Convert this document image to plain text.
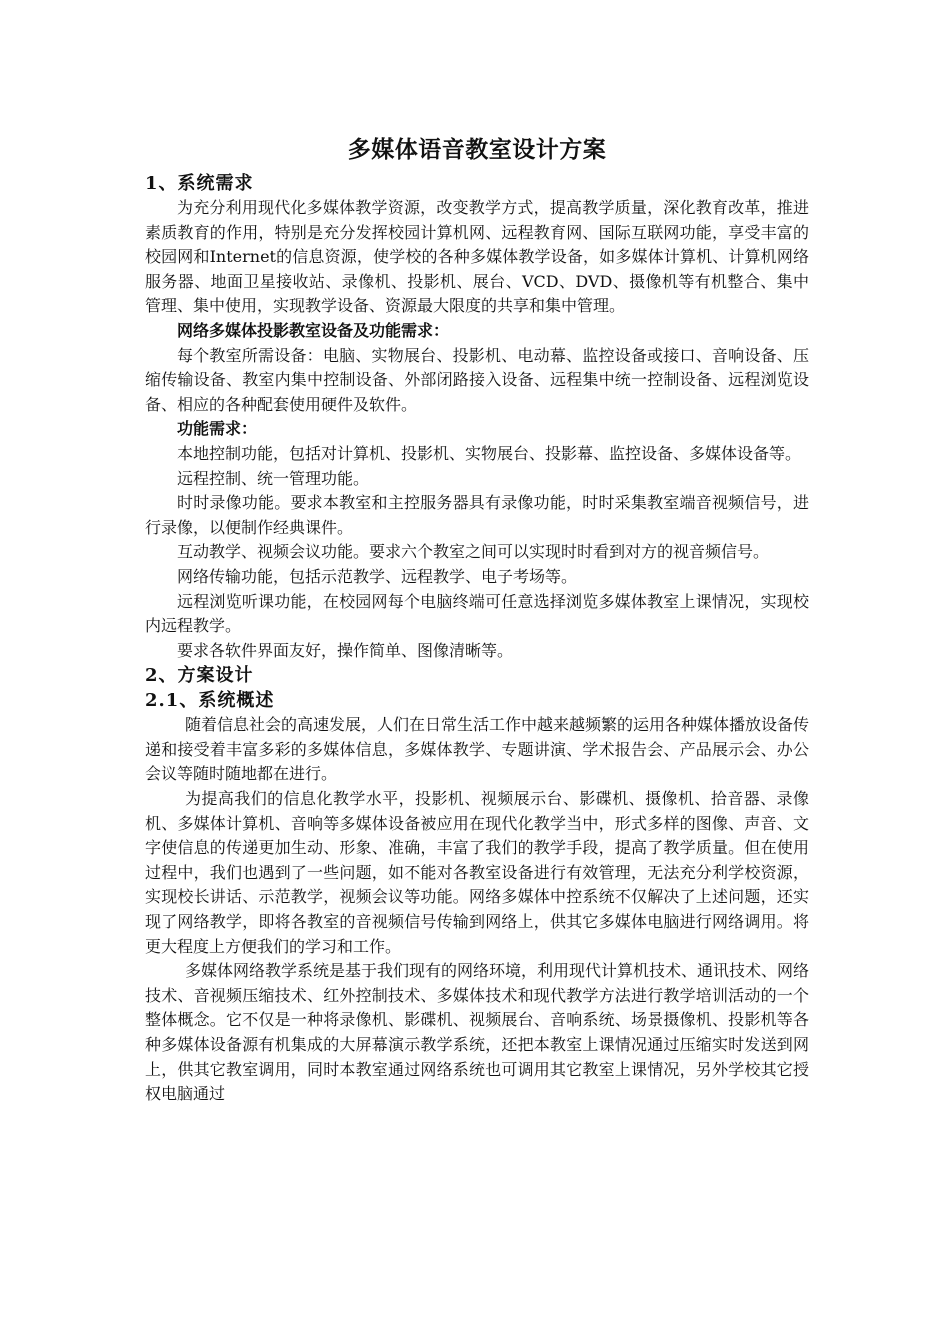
多媒体语音教室设计方案
1、系统需求

为充分利用现代化多媒体教学资源，改变教学方式，提高教学质量，深化教育改革，推进素质教育的作用，特别是充分发挥校园计算机网、远程教育网、国际互联网功能，享受丰富的校园网和Internet的信息资源，使学校的各种多媒体教学设备，如多媒体计算机、计算机网络服务器、地面卫星接收站、录像机、投影机、展台、VCD、DVD、摄像机等有机整合、集中管理、集中使用，实现教学设备、资源最大限度的共享和集中管理。

网络多媒体投影教室设备及功能需求：

每个教室所需设备：电脑、实物展台、投影机、电动幕、监控设备或接口、音响设备、压缩传输设备、教室内集中控制设备、外部闭路接入设备、远程集中统一控制设备、远程浏览设备、相应的各种配套使用硬件及软件。

功能需求：

本地控制功能，包括对计算机、投影机、实物展台、投影幕、监控设备、多媒体设备等。

远程控制、统一管理功能。

时时录像功能。要求本教室和主控服务器具有录像功能，时时采集教室端音视频信号，进行录像，以便制作经典课件。

互动教学、视频会议功能。要求六个教室之间可以实现时时看到对方的视音频信号。

网络传输功能，包括示范教学、远程教学、电子考场等。

远程浏览听课功能，在校园网每个电脑终端可任意选择浏览多媒体教室上课情况，实现校内远程教学。

要求各软件界面友好，操作简单、图像清晰等。

2、方案设计
2.1、系统概述

随着信息社会的高速发展，人们在日常生活工作中越来越频繁的运用各种媒体播放设备传递和接受着丰富多彩的多媒体信息，多媒体教学、专题讲演、学术报告会、产品展示会、办公会议等随时随地都在进行。

为提高我们的信息化教学水平，投影机、视频展示台、影碟机、摄像机、拾音器、录像机、多媒体计算机、音响等多媒体设备被应用在现代化教学当中，形式多样的图像、声音、文字使信息的传递更加生动、形象、准确，丰富了我们的教学手段，提高了教学质量。但在使用过程中，我们也遇到了一些问题，如不能对各教室设备进行有效管理，无法充分利学校资源，实现校长讲话、示范教学，视频会议等功能。网络多媒体中控系统不仅解决了上述问题，还实现了网络教学，即将各教室的音视频信号传输到网络上，供其它多媒体电脑进行网络调用。将更大程度上方便我们的学习和工作。

多媒体网络教学系统是基于我们现有的网络环境，利用现代计算机技术、通讯技术、网络技术、音视频压缩技术、红外控制技术、多媒体技术和现代教学方法进行教学培训活动的一个整体概念。它不仅是一种将录像机、影碟机、视频展台、音响系统、场景摄像机、投影机等各种多媒体设备源有机集成的大屏幕演示教学系统，还把本教室上课情况通过压缩实时发送到网上，供其它教室调用，同时本教室通过网络系统也可调用其它教室上课情况，另外学校其它授权电脑通过
